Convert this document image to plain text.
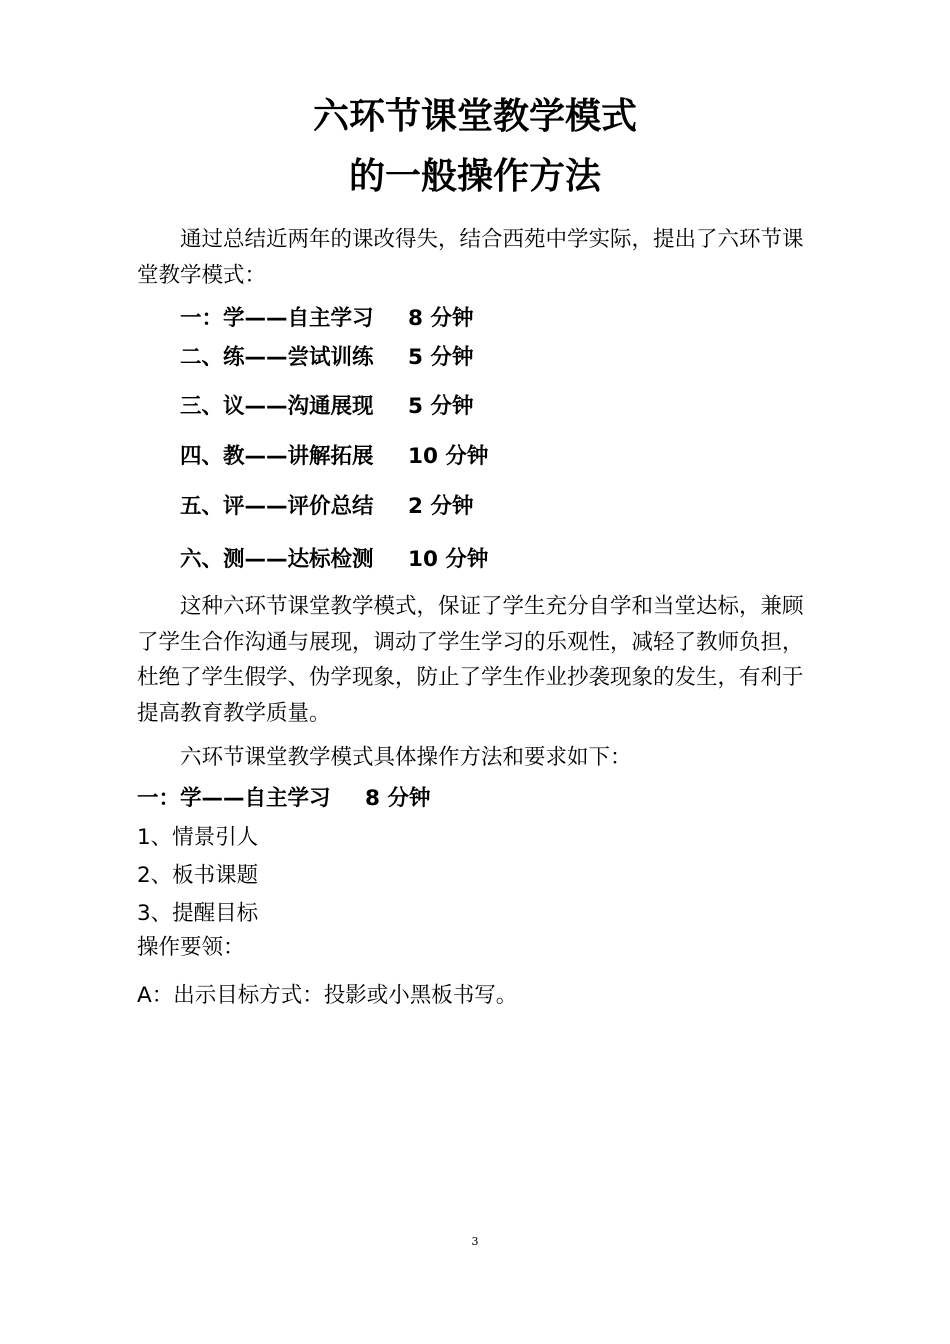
六环节课堂教学模式
的一般操作方法

通过总结近两年的课改得失，结合西苑中学实际，提出了六环节课堂教学模式：

一：学——自主学习 8 分钟

二、练——尝试训练 5 分钟

三、议——沟通展现 5 分钟

四、教——讲解拓展 10 分钟

五、评——评价总结 2 分钟

六、测——达标检测 10 分钟

这种六环节课堂教学模式，保证了学生充分自学和当堂达标，兼顾了学生合作沟通与展现，调动了学生学习的乐观性，减轻了教师负担，杜绝了学生假学、伪学现象，防止了学生作业抄袭现象的发生，有利于提高教育教学质量。

六环节课堂教学模式具体操作方法和要求如下：

一：学——自主学习 8 分钟

1、情景引人

2、板书课题

3、提醒目标

操作要领：

A：出示目标方式：投影或小黑板书写。

3
